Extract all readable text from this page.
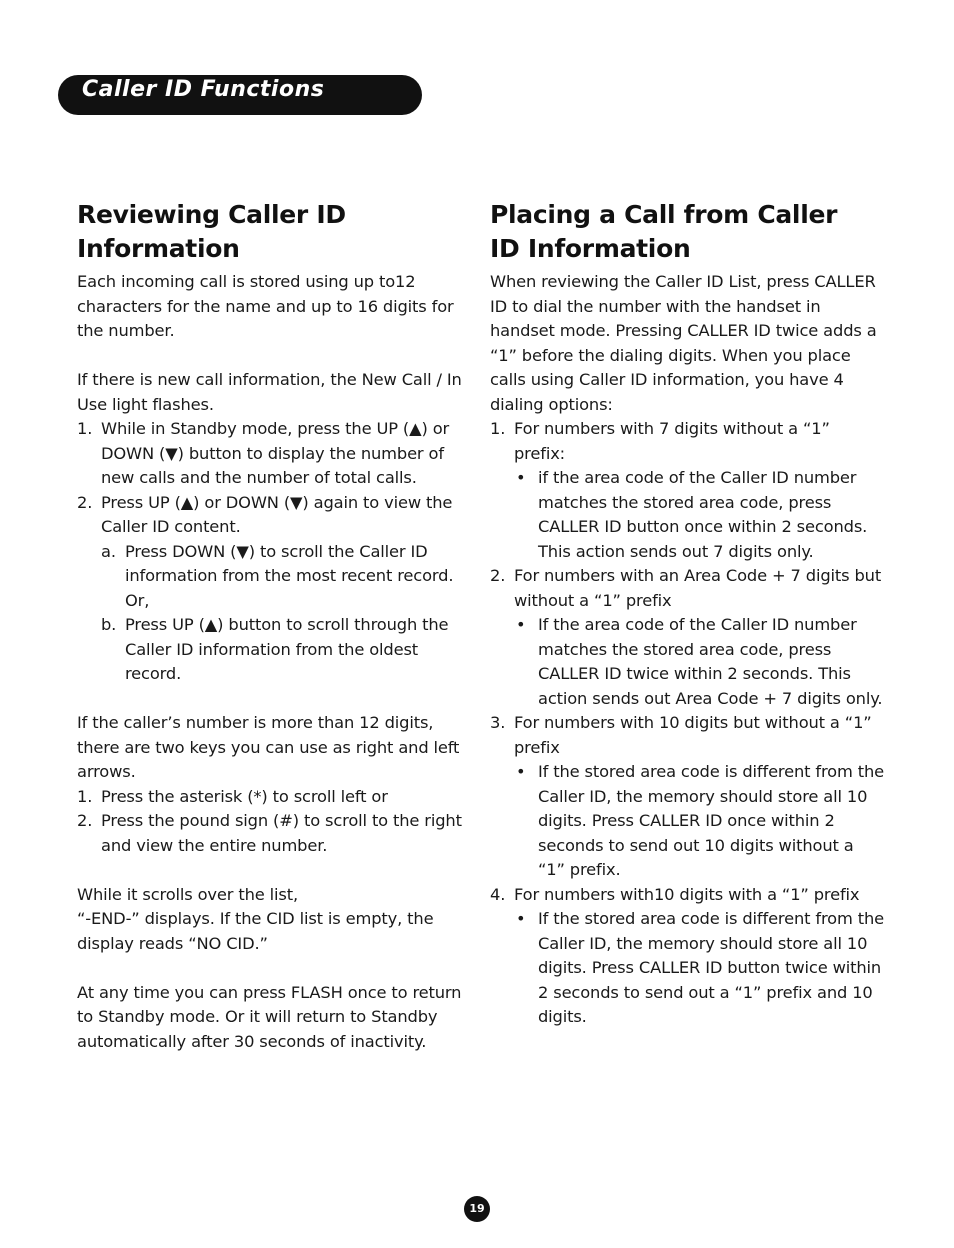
Caller ID Functions
Reviewing Caller ID
Information

Each incoming call is stored using up to12 characters for the name and up to 16 digits for the number.

If there is new call information, the New Call / In Use light flashes.

1. While in Standby mode, press the UP (▲) or DOWN (▼) button to display the number of new calls and the number of total calls.
2. Press UP (▲) or DOWN (▼) again to view the Caller ID content.
a. Press DOWN (▼) to scroll the Caller ID information from the most recent record. Or,
b. Press UP (▲) button to scroll through the Caller ID information from the oldest record.

If the caller’s number is more than 12 digits, there are two keys you can use as right and left arrows.

1. Press the asterisk (*) to scroll left or
2. Press the pound sign (#) to scroll to the right and view the entire number.

While it scrolls over the list,

“-END-” displays. If the CID list is empty, the display reads “NO CID.”

At any time you can press FLASH once to return to Standby mode. Or it will return to Standby automatically after 30 seconds of inactivity.

Placing a Call from Caller
ID Information

When reviewing the Caller ID List, press CALLER ID to dial the number with the handset in handset mode. Pressing CALLER ID twice adds a “1” before the dialing digits. When you place calls using Caller ID information, you have 4 dialing options:

1. For numbers with 7 digits without a “1” prefix:
• if the area code of the Caller ID number matches the stored area code, press CALLER ID button once within 2 seconds. This action sends out 7 digits only.
2. For numbers with an Area Code + 7 digits but without a “1” prefix
• If the area code of the Caller ID number matches the stored area code, press CALLER ID twice within 2 seconds. This action sends out Area Code + 7 digits only.
3. For numbers with 10 digits but without a “1” prefix
• If the stored area code is different from the Caller ID, the memory should store all 10 digits. Press CALLER ID once within 2 seconds to send out 10 digits without a “1” prefix.
4. For numbers with10 digits with a “1” prefix
• If the stored area code is different from the Caller ID, the memory should store all 10 digits. Press CALLER ID button twice within 2 seconds to send out a “1” prefix and 10 digits.
19
